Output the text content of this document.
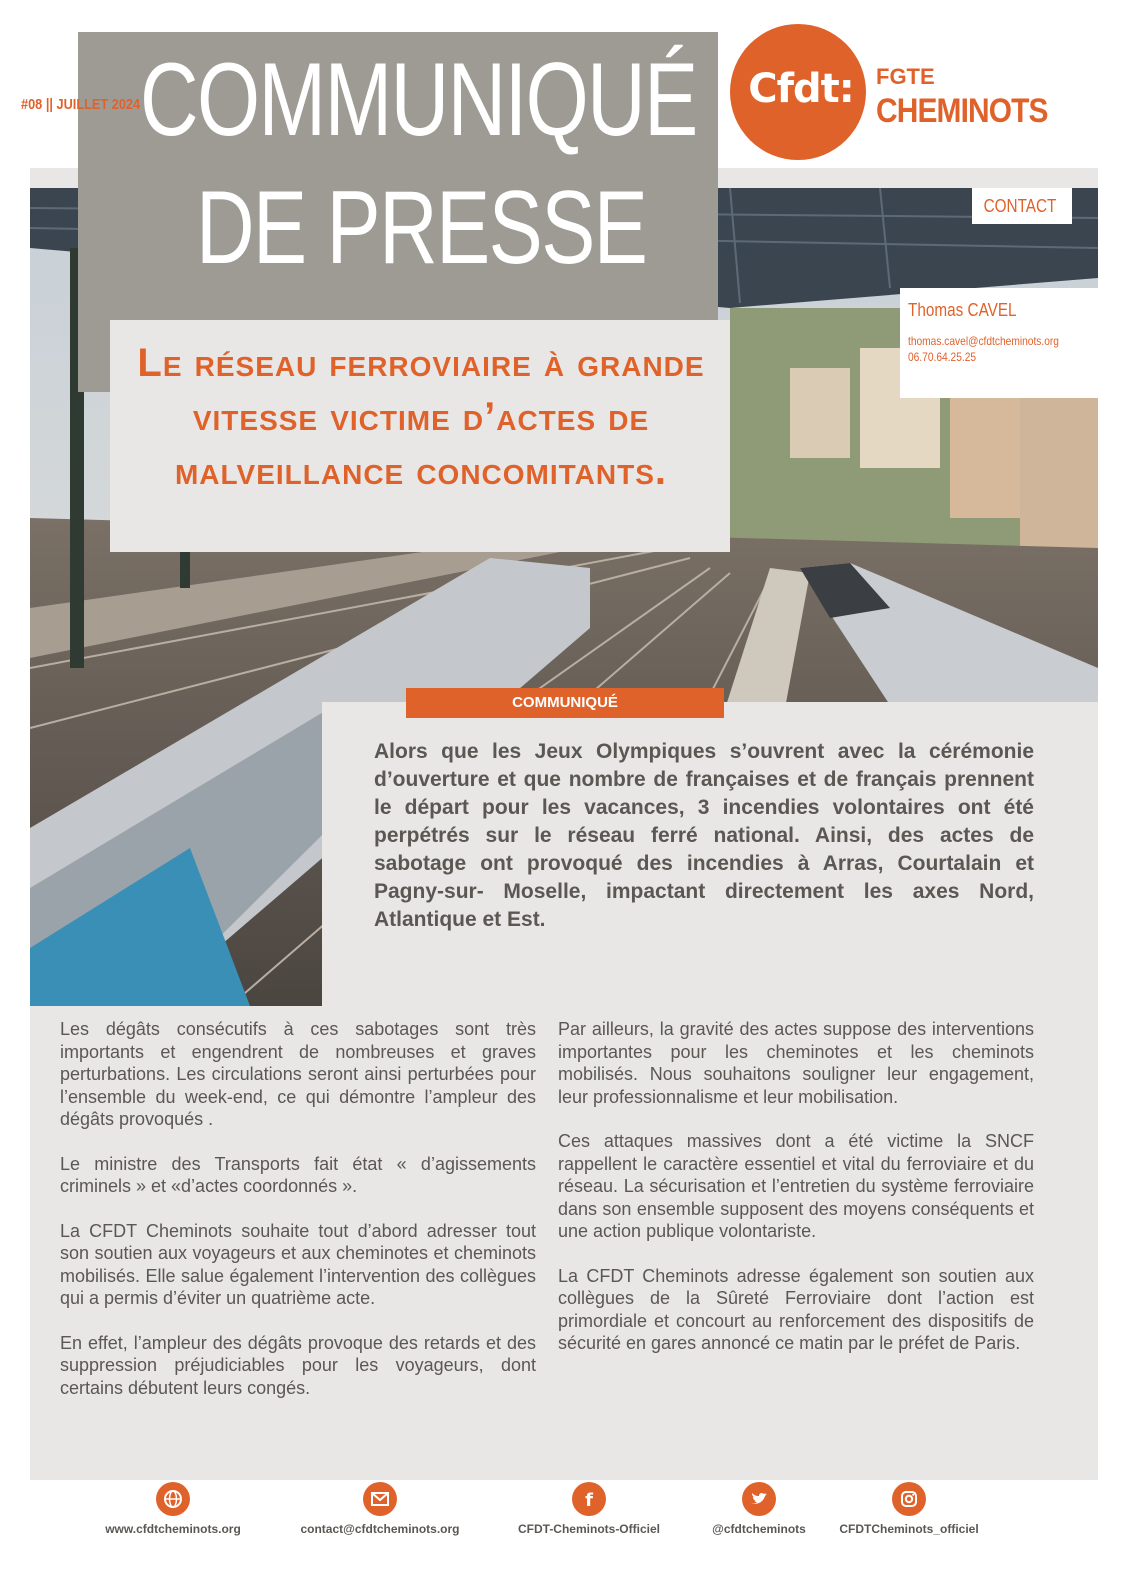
COMMUNIQUÉ
DE PRESSE
#08 || JUILLET 2024	Cfdt:	FGTE
CHEMINOTS
Le réseau ferroviaire à grande vitesse victime d’actes de malveillance concomitants.
CONTACT
Thomas CAVEL
thomas.cavel@cfdtcheminots.org
06.70.64.25.25
COMMUNIQUÉ
Alors que les Jeux Olympiques s’ouvrent avec la cérémonie d’ouverture et que nombre de françaises et de français prennent le départ pour les vacances, 3 incendies volontaires ont été perpétrés sur le réseau ferré national. Ainsi, des actes de sabotage ont provoqué des incendies à Arras, Courtalain et Pagny-sur- Moselle, impactant directement les axes Nord, Atlantique et Est.

Les dégâts consécutifs à ces sabotages sont très importants et engendrent de nombreuses et graves perturbations. Les circulations seront ainsi perturbées pour l’ensemble du week-end, ce qui démontre l’ampleur des dégâts provoqués .

Le ministre des Transports fait état « d’agissements criminels » et «d’actes coordonnés ».

La CFDT Cheminots souhaite tout d’abord adresser tout son soutien aux voyageurs et aux cheminotes et cheminots mobilisés. Elle salue également l’intervention des collègues qui a permis d’éviter un quatrième acte.

En effet, l’ampleur des dégâts provoque des retards et des suppression préjudiciables pour les voyageurs, dont certains débutent leurs congés.

Par ailleurs, la gravité des actes suppose des interventions importantes pour les cheminotes et les cheminots mobilisés. Nous souhaitons souligner leur engagement, leur professionnalisme et leur mobilisation.

Ces attaques massives dont a été victime la SNCF rappellent le caractère essentiel et vital du ferroviaire et du réseau. La sécurisation et l’entretien du système ferroviaire dans son ensemble supposent des moyens conséquents et une action publique volontariste.

La CFDT Cheminots adresse également son soutien aux collègues de la Sûreté Ferroviaire dont l’action est primordiale et concourt au renforcement des dispositifs de sécurité en gares annoncé ce matin par le préfet de Paris.

www.cfdtcheminots.org	contact@cfdtcheminots.org
f
CFDT-Cheminots-Officiel	@cfdtcheminots	CFDTCheminots_officiel
